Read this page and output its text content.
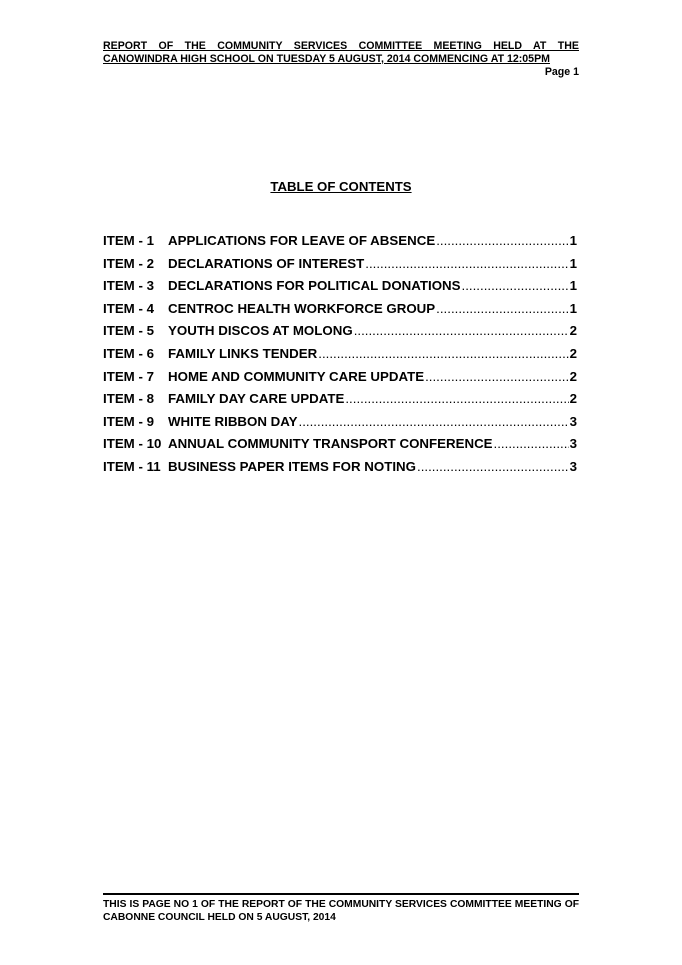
REPORT OF THE COMMUNITY SERVICES COMMITTEE MEETING HELD AT THE CANOWINDRA HIGH SCHOOL ON TUESDAY 5 AUGUST, 2014 COMMENCING AT 12:05PM

Page 1
TABLE OF CONTENTS
ITEM - 1	APPLICATIONS FOR LEAVE OF ABSENCE .....	1
ITEM - 2	DECLARATIONS OF INTEREST .....	1
ITEM - 3	DECLARATIONS FOR POLITICAL DONATIONS .....	1
ITEM - 4	CENTROC HEALTH WORKFORCE GROUP .....	1
ITEM - 5	YOUTH DISCOS AT MOLONG .....	2
ITEM - 6	FAMILY LINKS TENDER .....	2
ITEM - 7	HOME AND COMMUNITY CARE UPDATE .....	2
ITEM - 8	FAMILY DAY CARE UPDATE .....	2
ITEM - 9	WHITE RIBBON DAY .....	3
ITEM - 10 ANNUAL COMMUNITY TRANSPORT CONFERENCE .....	3
ITEM - 11 BUSINESS PAPER ITEMS FOR NOTING .....	3

THIS IS PAGE NO 1 OF THE REPORT OF THE COMMUNITY SERVICES COMMITTEE MEETING OF CABONNE COUNCIL HELD ON 5 AUGUST, 2014
